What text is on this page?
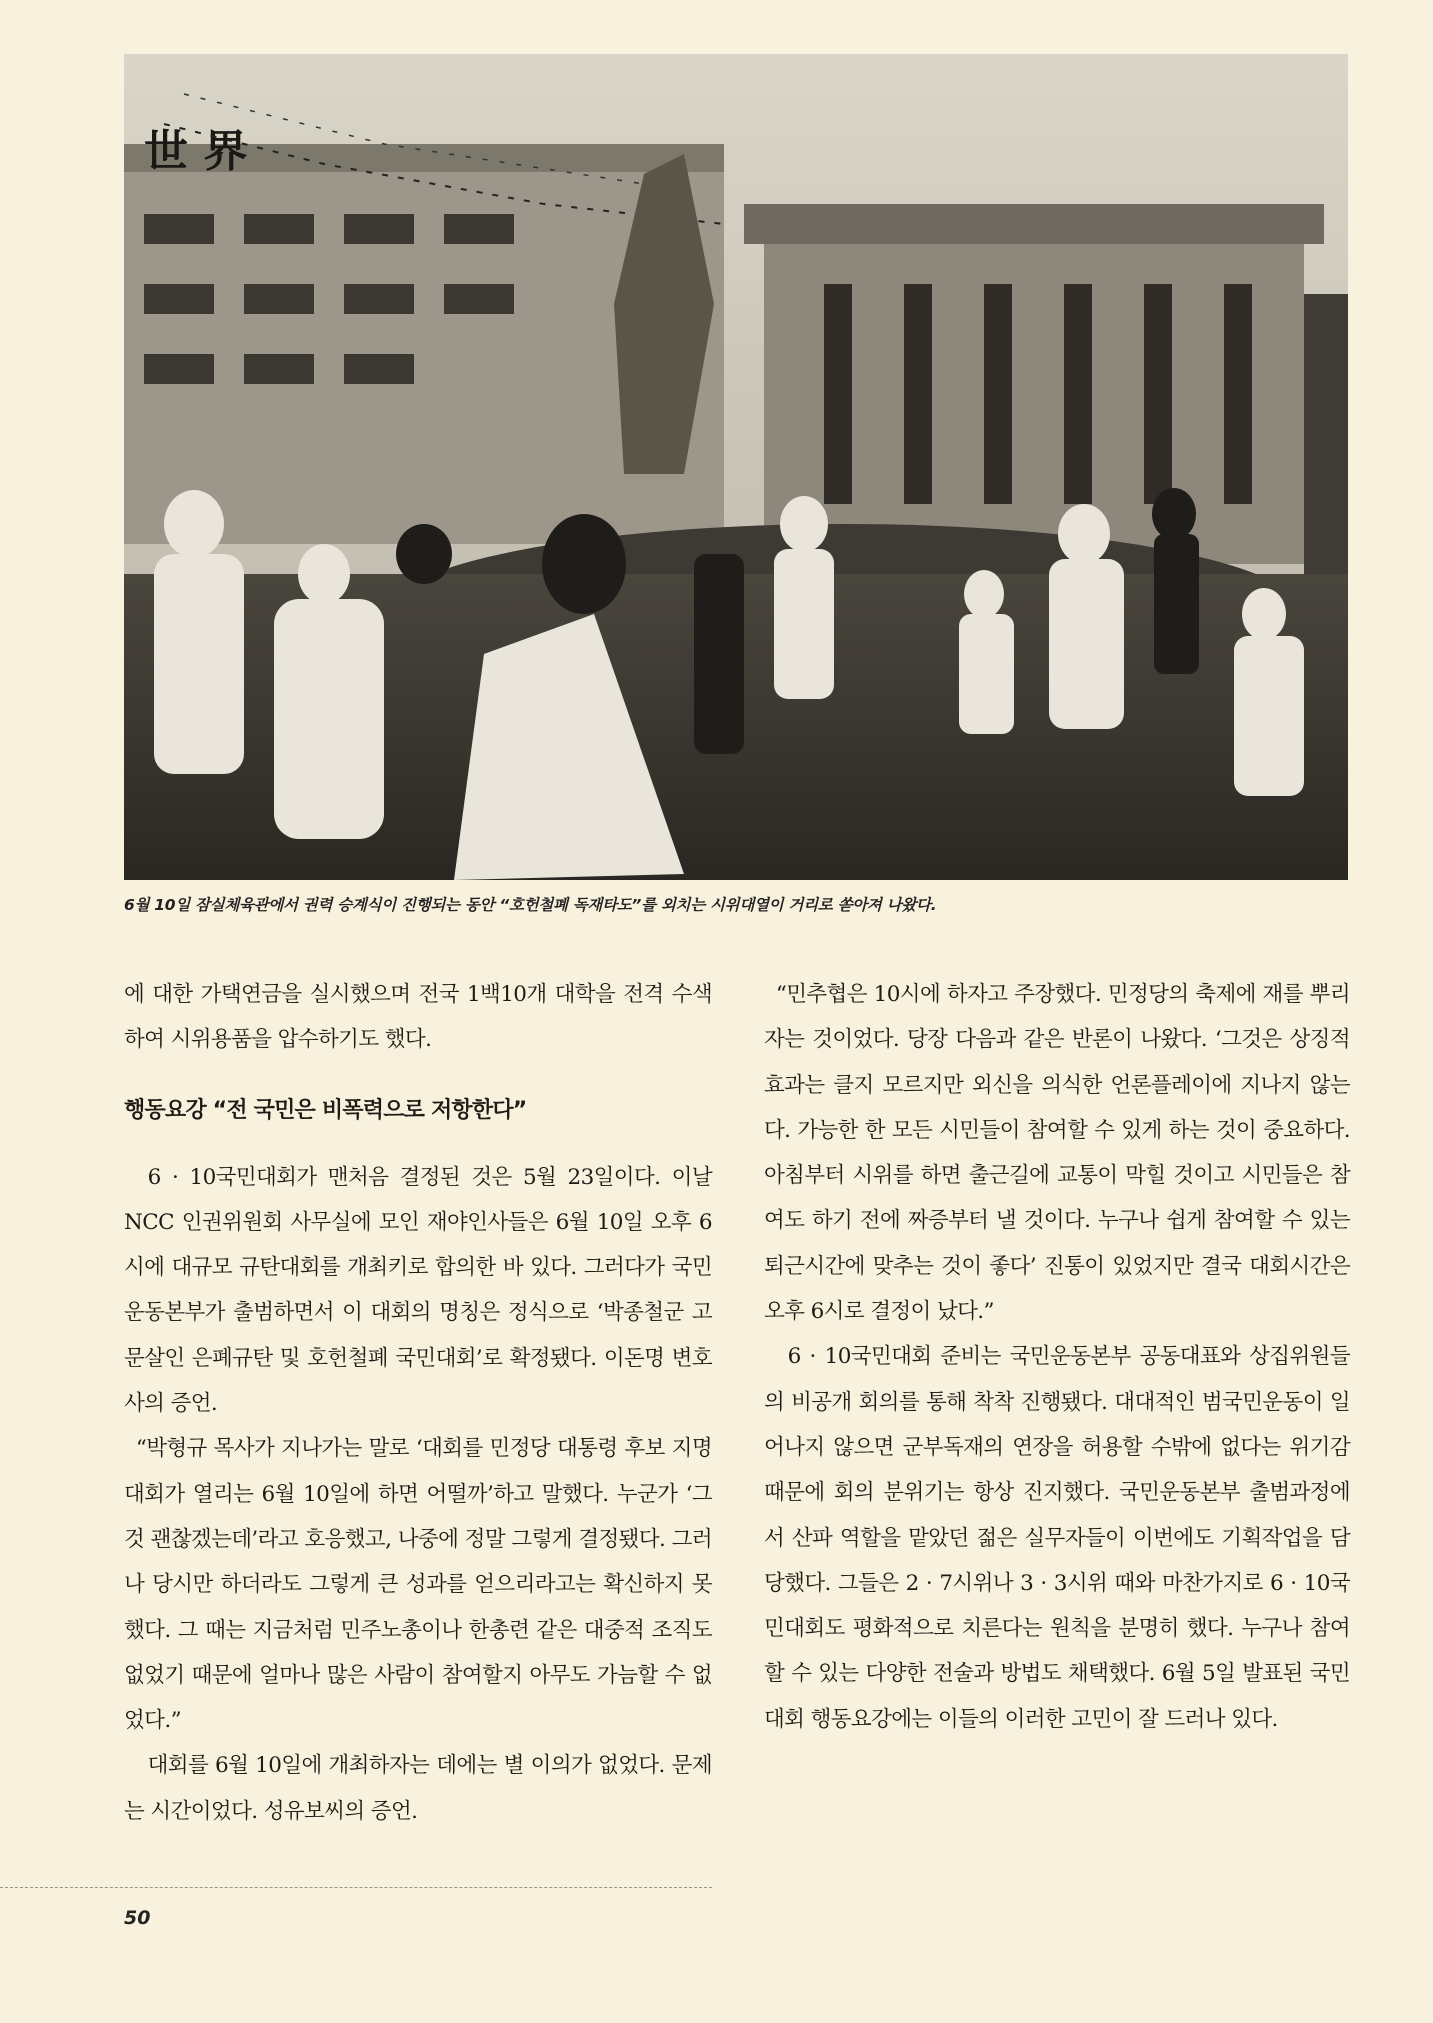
世 界
6월 10일 잠실체육관에서 권력 승계식이 진행되는 동안 “호헌철폐 독재타도”를 외치는 시위대열이 거리로 쏟아져 나왔다.

에 대한 가택연금을 실시했으며 전국 1백10개 대학을 전격 수색하여 시위용품을 압수하기도 했다.

행동요강 “전 국민은 비폭력으로 저항한다”

6 · 10국민대회가 맨처음 결정된 것은 5월 23일이다. 이날 NCC 인권위원회 사무실에 모인 재야인사들은 6월 10일 오후 6시에 대규모 규탄대회를 개최키로 합의한 바 있다. 그러다가 국민운동본부가 출범하면서 이 대회의 명칭은 정식으로 ‘박종철군 고문살인 은폐규탄 및 호헌철폐 국민대회’로 확정됐다. 이돈명 변호사의 증언.

“박형규 목사가 지나가는 말로 ‘대회를 민정당 대통령 후보 지명대회가 열리는 6월 10일에 하면 어떨까’하고 말했다. 누군가 ‘그것 괜찮겠는데’라고 호응했고, 나중에 정말 그렇게 결정됐다. 그러나 당시만 하더라도 그렇게 큰 성과를 얻으리라고는 확신하지 못했다. 그 때는 지금처럼 민주노총이나 한총련 같은 대중적 조직도 없었기 때문에 얼마나 많은 사람이 참여할지 아무도 가늠할 수 없었다.”

대회를 6월 10일에 개최하자는 데에는 별 이의가 없었다. 문제는 시간이었다. 성유보씨의 증언.

“민추협은 10시에 하자고 주장했다. 민정당의 축제에 재를 뿌리자는 것이었다. 당장 다음과 같은 반론이 나왔다. ‘그것은 상징적 효과는 클지 모르지만 외신을 의식한 언론플레이에 지나지 않는다. 가능한 한 모든 시민들이 참여할 수 있게 하는 것이 중요하다. 아침부터 시위를 하면 출근길에 교통이 막힐 것이고 시민들은 참여도 하기 전에 짜증부터 낼 것이다. 누구나 쉽게 참여할 수 있는 퇴근시간에 맞추는 것이 좋다’ 진통이 있었지만 결국 대회시간은 오후 6시로 결정이 났다.”

6 · 10국민대회 준비는 국민운동본부 공동대표와 상집위원들의 비공개 회의를 통해 착착 진행됐다. 대대적인 범국민운동이 일어나지 않으면 군부독재의 연장을 허용할 수밖에 없다는 위기감 때문에 회의 분위기는 항상 진지했다. 국민운동본부 출범과정에서 산파 역할을 맡았던 젊은 실무자들이 이번에도 기획작업을 담당했다. 그들은 2 · 7시위나 3 · 3시위 때와 마찬가지로 6 · 10국민대회도 평화적으로 치른다는 원칙을 분명히 했다. 누구나 참여할 수 있는 다양한 전술과 방법도 채택했다. 6월 5일 발표된 국민대회 행동요강에는 이들의 이러한 고민이 잘 드러나 있다.

50
